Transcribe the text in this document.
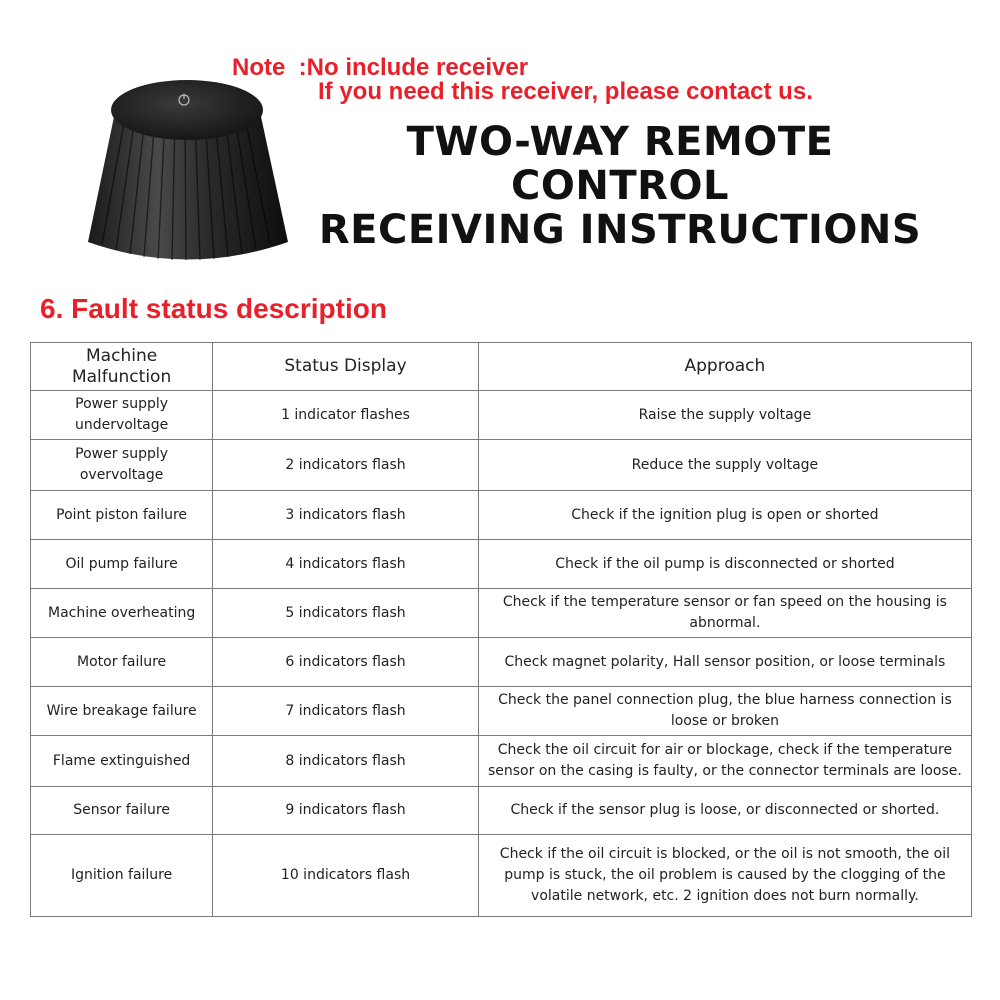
Note  :No include receiver

If you need this receiver, please contact us.

TWO-WAY REMOTE CONTROL
RECEIVING INSTRUCTIONS
6. Fault status description
Machine Malfunction	Status Display	Approach
Power supply undervoltage	1 indicator flashes	Raise the supply voltage
Power supply overvoltage	2 indicators flash	Reduce the supply voltage
Point piston failure	3 indicators flash	Check if the ignition plug is open or shorted
Oil pump failure	4 indicators flash	Check if the oil pump is disconnected or shorted
Machine overheating	5 indicators flash	Check if the temperature sensor or fan speed on the housing is abnormal.
Motor failure	6 indicators flash	Check magnet polarity, Hall sensor position, or loose terminals
Wire breakage failure	7 indicators flash	Check the panel connection plug, the blue harness connection is loose or broken
Flame extinguished	8 indicators flash	Check the oil circuit for air or blockage, check if the temperature sensor on the casing is faulty, or the connector terminals are loose.
Sensor failure	9 indicators flash	Check if the sensor plug is loose, or disconnected or shorted.
Ignition failure	10 indicators flash	Check if the oil circuit is blocked, or the oil is not smooth, the oil pump is stuck, the oil problem is caused by the clogging of the volatile network, etc. 2 ignition does not burn normally.
